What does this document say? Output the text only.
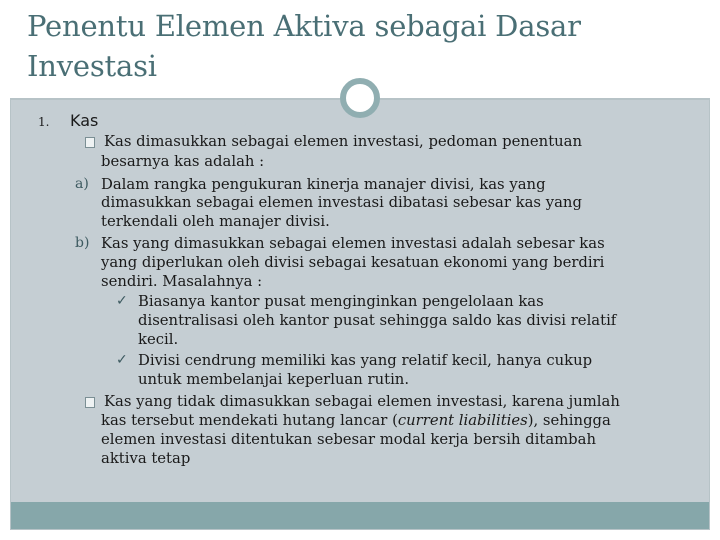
Penentu Elemen Aktiva sebagai Dasar
Investasi
1. Kas
Kas dimasukkan sebagai elemen investasi, pedoman penentuan
besarnya kas adalah :
a) Dalam rangka pengukuran kinerja manajer divisi, kas yang
dimasukkan sebagai elemen investasi dibatasi sebesar kas yang
terkendali oleh manajer divisi.
b) Kas yang dimasukkan sebagai elemen investasi adalah sebesar kas
yang diperlukan oleh divisi sebagai kesatuan ekonomi yang berdiri
sendiri. Masalahnya :
✓ Biasanya kantor pusat menginginkan pengelolaan kas
disentralisasi oleh kantor pusat sehingga saldo kas divisi relatif
kecil.
✓ Divisi cendrung memiliki kas yang relatif kecil, hanya cukup
untuk membelanjai keperluan rutin.
Kas yang tidak dimasukkan sebagai elemen investasi, karena jumlah
kas tersebut mendekati hutang lancar (current liabilities), sehingga
elemen investasi ditentukan sebesar modal kerja bersih ditambah
aktiva tetap
